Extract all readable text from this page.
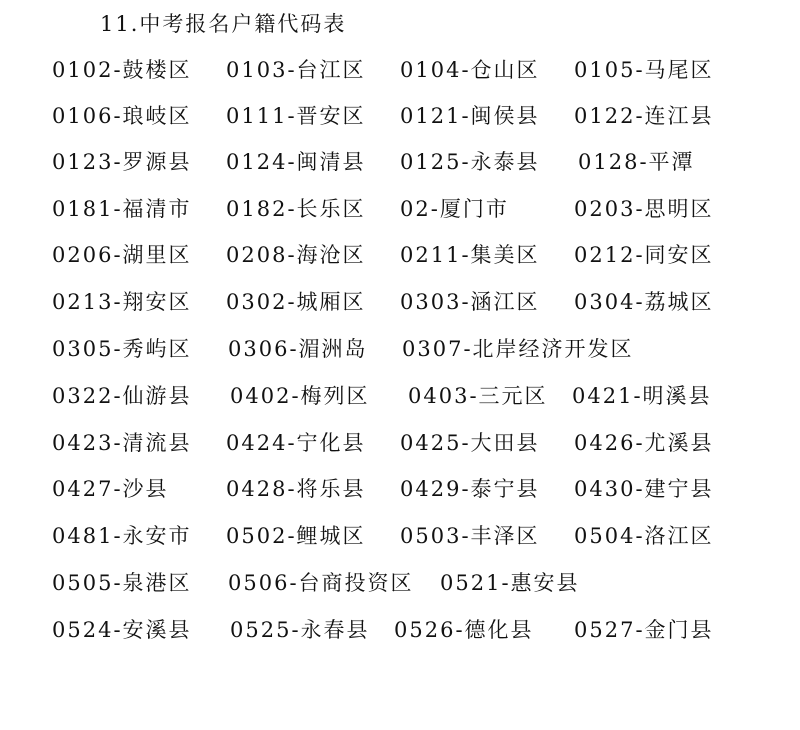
11.中考报名户籍代码表
0102-鼓楼区 0103-台江区 0104-仓山区 0105-马尾区
0106-琅岐区 0111-晋安区 0121-闽侯县 0122-连江县
0123-罗源县 0124-闽清县 0125-永泰县 0128-平潭
0181-福清市 0182-长乐区 02-厦门市	0203-思明区
0206-湖里区 0208-海沧区 0211-集美区 0212-同安区
0213-翔安区 0302-城厢区 0303-涵江区 0304-荔城区
0305-秀屿区 0306-湄洲岛 0307-北岸经济开发区
0322-仙游县 0402-梅列区 0403-三元区 0421-明溪县
0423-清流县 0424-宁化县 0425-大田县 0426-尤溪县
0427-沙县	0428-将乐县 0429-泰宁县 0430-建宁县
0481-永安市 0502-鲤城区 0503-丰泽区 0504-洛江区
0505-泉港区 0506-台商投资区 0521-惠安县
0524-安溪县 0525-永春县 0526-德化县 0527-金门县
